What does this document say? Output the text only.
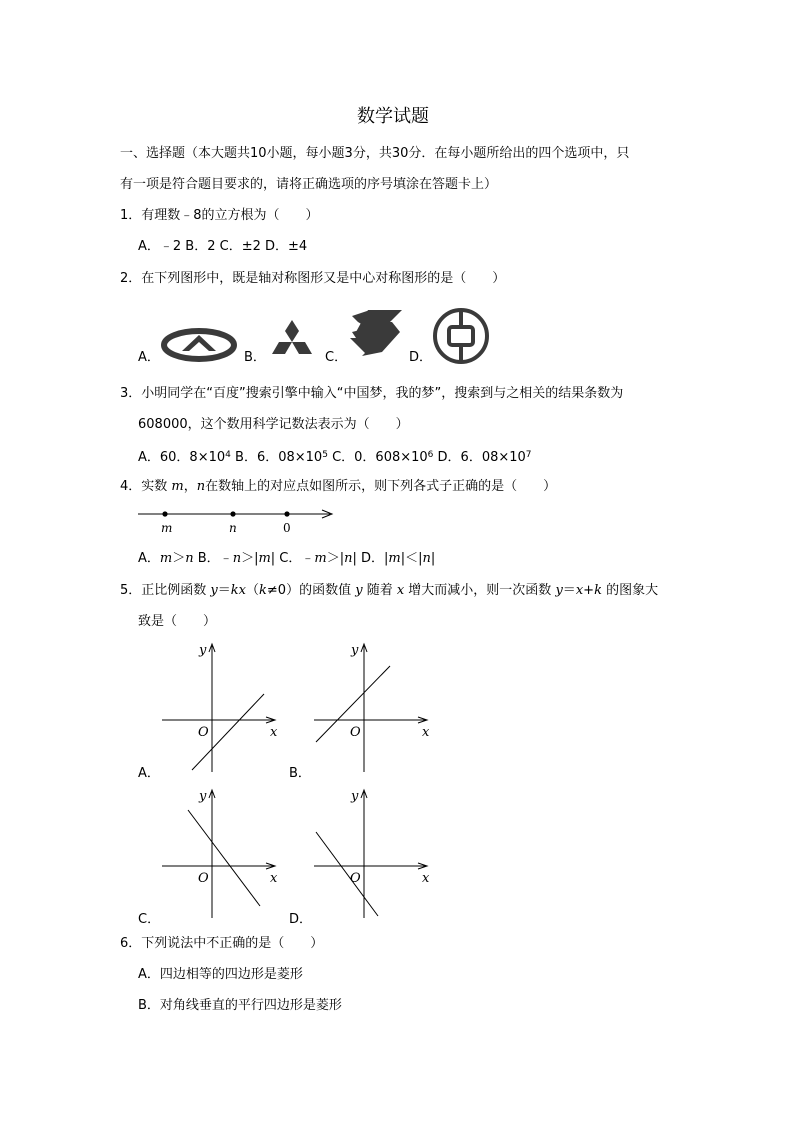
数学试题
一、选择题（本大题共10小题，每小题3分，共30分．在每小题所给出的四个选项中，只
有一项是符合题目要求的，请将正确选项的序号填涂在答题卡上）
1．有理数﹣8的立方根为（　　）
A．﹣2 B．2 C．±2 D．±4
2．在下列图形中，既是轴对称图形又是中心对称图形的是（　　）
A．	B．	C．	D．
3．小明同学在“百度”搜索引擎中输入“中国梦，我的梦”，搜索到与之相关的结果条数为
608000，这个数用科学记数法表示为（　　）
A．60．$8\times 10^4$ B．6．$08\times 10^5$ C．0．$608\times 10^6$ D．6．$08\times 10^7$
4．实数 m，n在数轴上的对应点如图所示，则下列各式子正确的是（　　）
m	n	0
A．m＞n B．﹣n＞|m| C．﹣m＞|n| D．|m|＜|n|
5．正比例函数 y＝kx（k≠0）的函数值 y 随着 x 增大而减小，则一次函数 y＝x+k 的图象大
致是（　　）
A．
y
x
O
B．
y
x
O
C．
y
x
O
D．
y
x
O
6．下列说法中不正确的是（　　）
A．四边相等的四边形是菱形
B．对角线垂直的平行四边形是菱形
